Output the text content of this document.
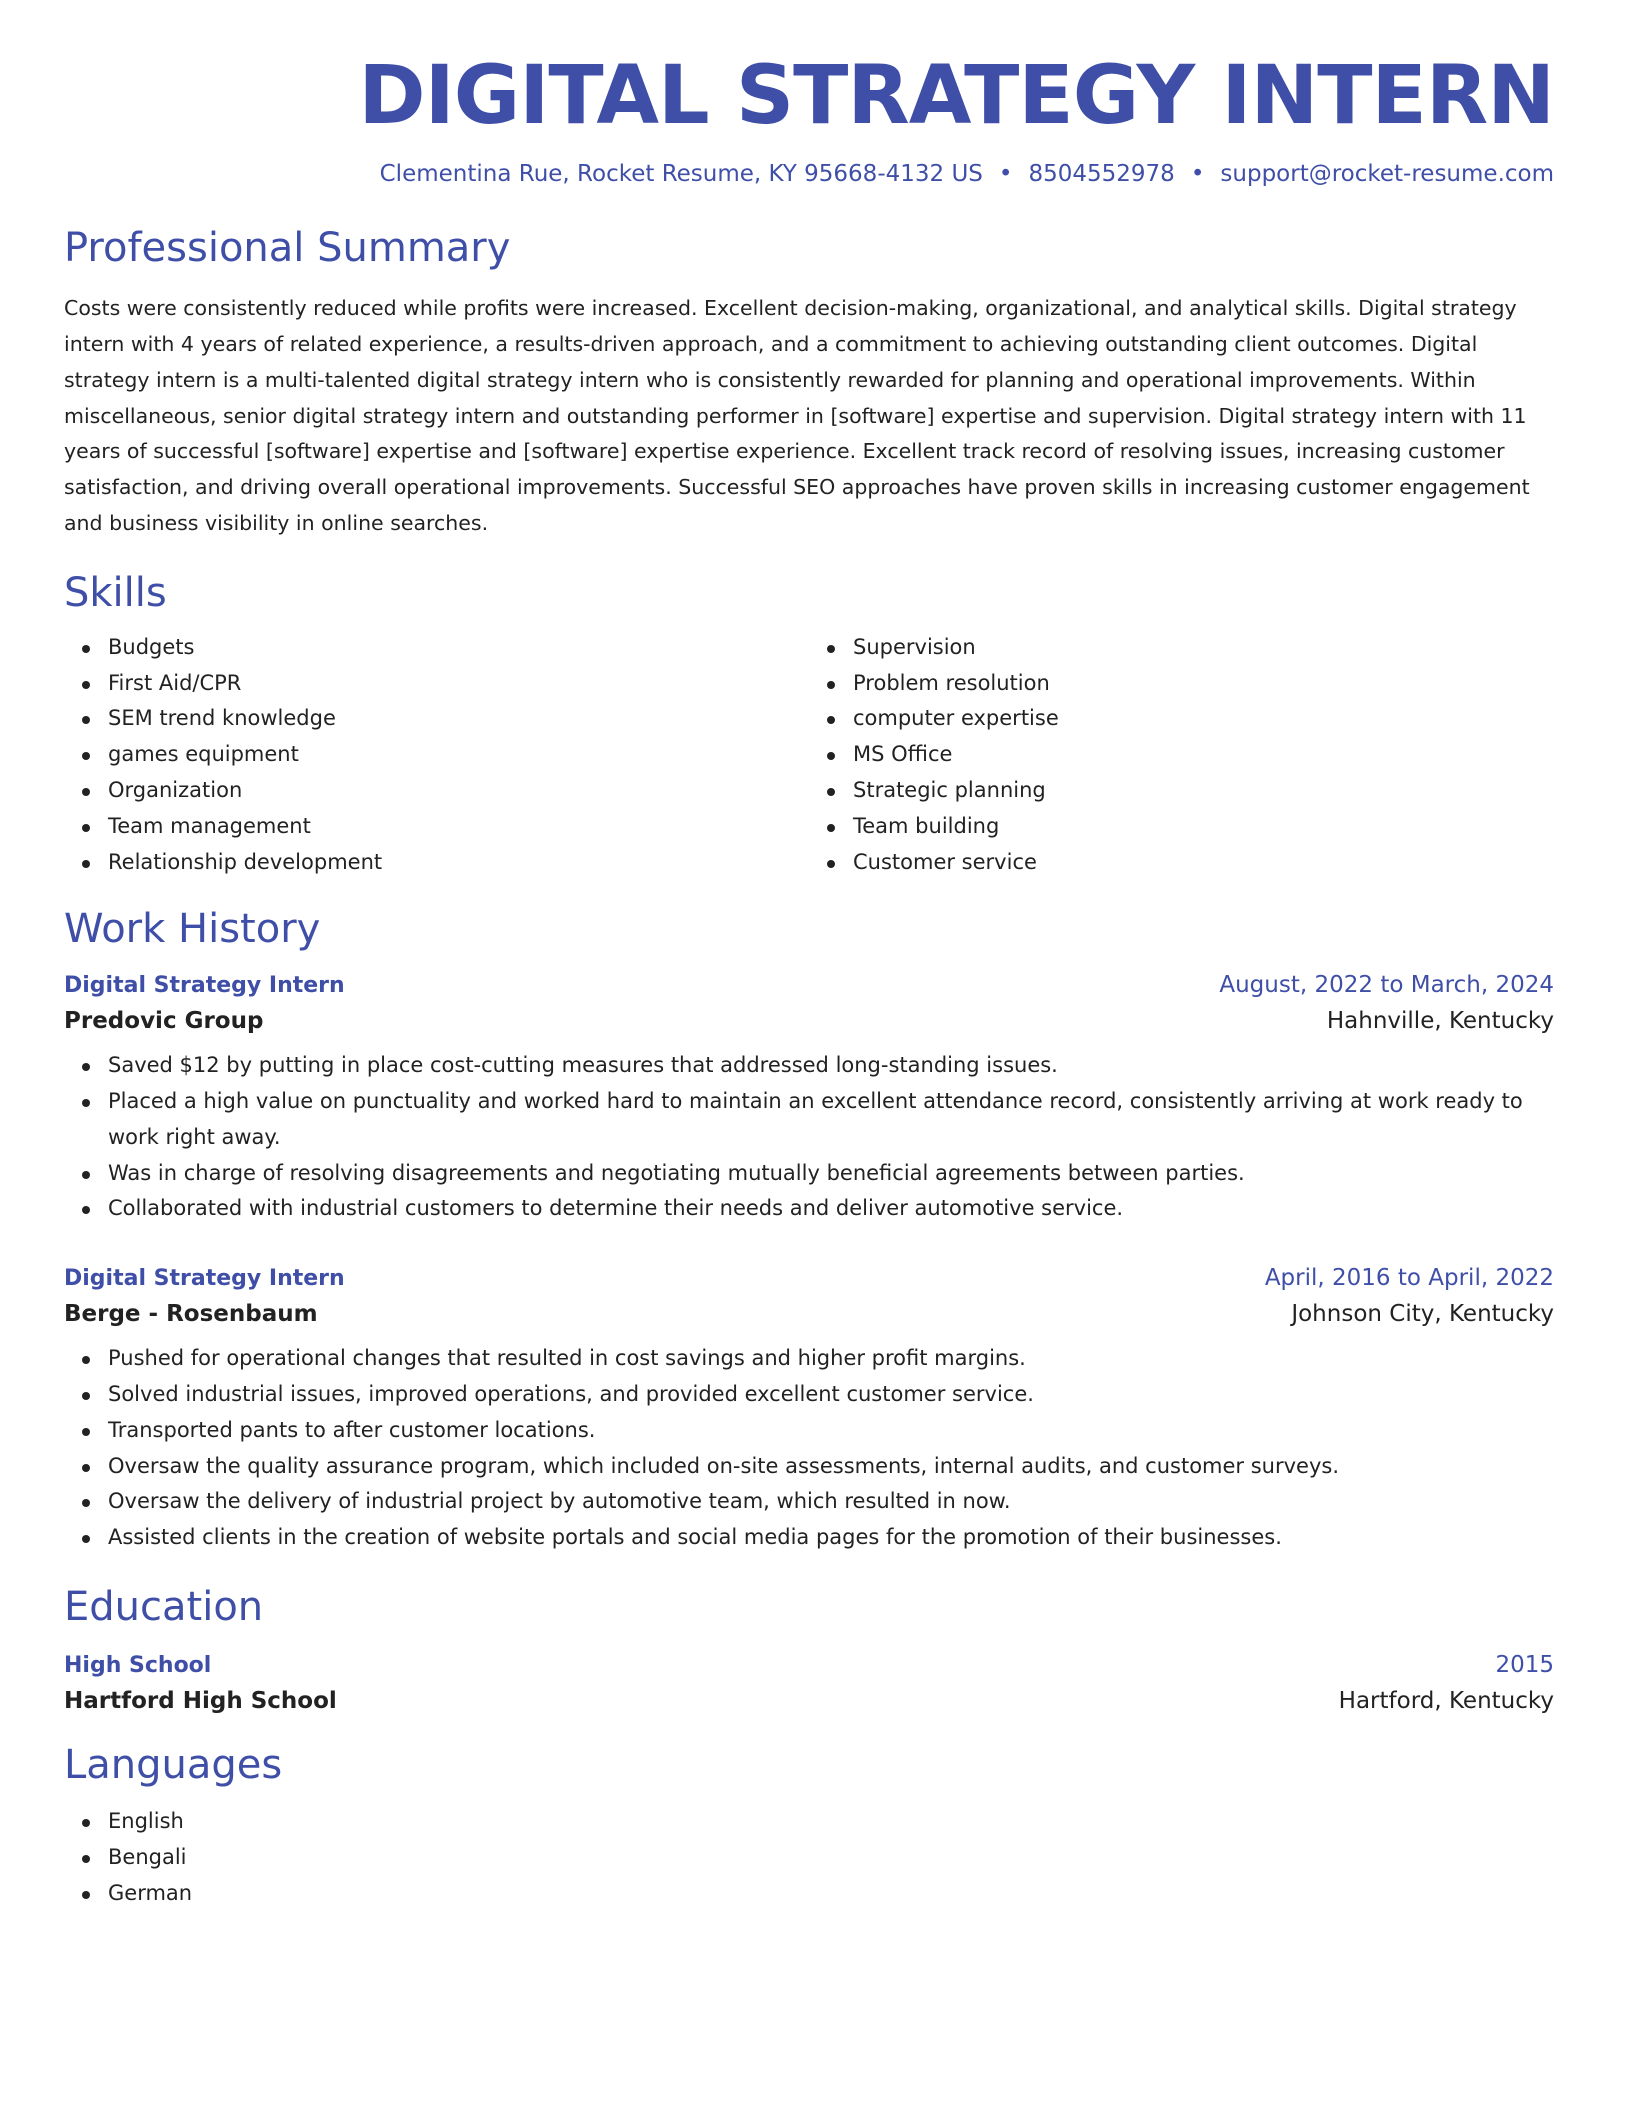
DIGITAL STRATEGY INTERN
Clementina Rue, Rocket Resume, KY 95668-4132 US • 8504552978 • support@rocket-resume.com
Professional Summary

Costs were consistently reduced while profits were increased. Excellent decision-making, organizational, and analytical skills. Digital strategy intern with 4 years of related experience, a results-driven approach, and a commitment to achieving outstanding client outcomes. Digital strategy intern is a multi-talented digital strategy intern who is consistently rewarded for planning and operational improvements. Within miscellaneous, senior digital strategy intern and outstanding performer in [software] expertise and supervision. Digital strategy intern with 11 years of successful [software] expertise and [software] expertise experience. Excellent track record of resolving issues, increasing customer satisfaction, and driving overall operational improvements. Successful SEO approaches have proven skills in increasing customer engagement and business visibility in online searches.

Skills
Budgets
First Aid/CPR
SEM trend knowledge
games equipment
Organization
Team management
Relationship development
Supervision
Problem resolution
computer expertise
MS Office
Strategic planning
Team building
Customer service
Work History
Digital Strategy Intern	August, 2022 to March, 2024
Predovic Group	Hahnville, Kentucky
Saved $12 by putting in place cost-cutting measures that addressed long-standing issues.
Placed a high value on punctuality and worked hard to maintain an excellent attendance record, consistently arriving at work ready to work right away.
Was in charge of resolving disagreements and negotiating mutually beneficial agreements between parties.
Collaborated with industrial customers to determine their needs and deliver automotive service.
Digital Strategy Intern	April, 2016 to April, 2022
Berge - Rosenbaum	Johnson City, Kentucky
Pushed for operational changes that resulted in cost savings and higher profit margins.
Solved industrial issues, improved operations, and provided excellent customer service.
Transported pants to after customer locations.
Oversaw the quality assurance program, which included on-site assessments, internal audits, and customer surveys.
Oversaw the delivery of industrial project by automotive team, which resulted in now.
Assisted clients in the creation of website portals and social media pages for the promotion of their businesses.
Education
High School	2015
Hartford High School	Hartford, Kentucky
Languages
English
Bengali
German
